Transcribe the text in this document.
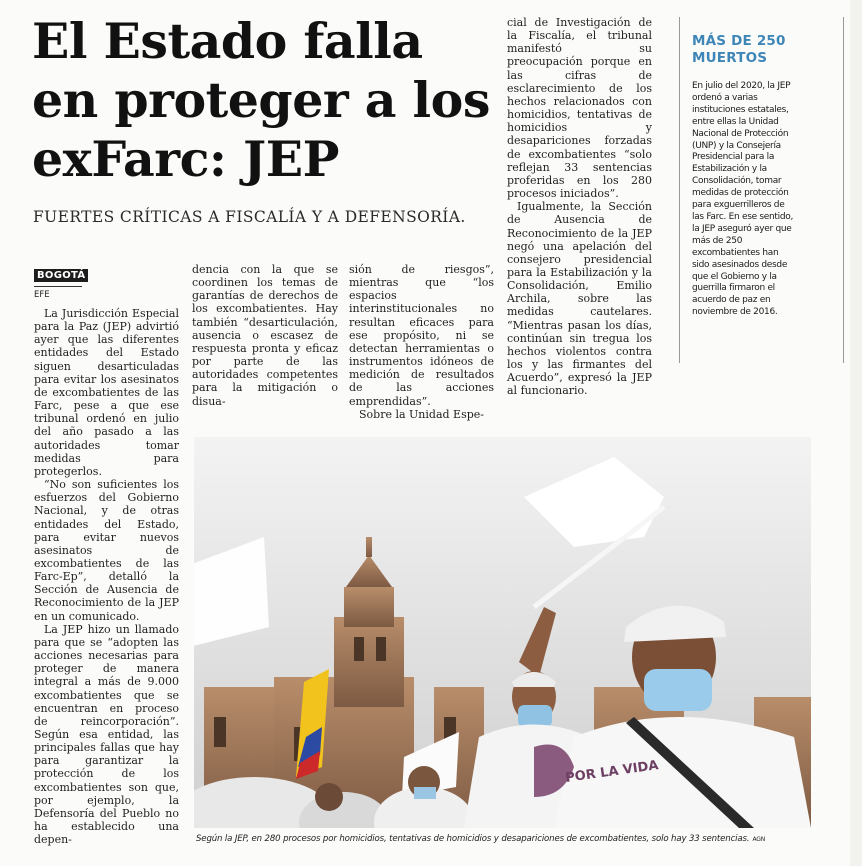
El Estado falla en proteger a los exFarc: JEP

FUERTES CRÍTICAS A FISCALÍA Y A DEFENSORÍA.

BOGOTÁ
EFE

La Jurisdicción Especial para la Paz (JEP) advirtió ayer que las diferentes entidades del Estado siguen desarticuladas para evitar los asesinatos de excombatientes de las Farc, pese a que ese tribunal ordenó en julio del año pasado a las autoridades tomar medidas para protegerlos.

“No son suficientes los esfuerzos del Gobierno Nacional, y de otras entidades del Estado, para evitar nuevos asesinatos de excombatientes de las Farc-Ep”, detalló la Sección de Ausencia de Reconocimiento de la JEP en un comunicado.

La JEP hizo un llamado para que se “adopten las acciones necesarias para proteger de manera integral a más de 9.000 excombatientes que se encuentran en proceso de reincorporación”. Según esa entidad, las principales fallas que hay para garantizar la protección de los excombatientes son que, por ejemplo, la Defensoría del Pueblo no ha establecido una depen-

dencia con la que se coordinen los temas de garantías de derechos de los excombatientes. Hay también “desarticulación, ausencia o escasez de respuesta pronta y eficaz por parte de las autoridades competentes para la mitigación o disua-

sión de riesgos”, mientras que “los espacios interinstitucionales no resultan eficaces para ese propósito, ni se detectan herramientas o instrumentos idóneos de medición de resultados de las acciones emprendidas”.

Sobre la Unidad Espe-

cial de Investigación de la Fiscalía, el tribunal manifestó su preocupación porque en las cifras de esclarecimiento de los hechos relacionados con homicidios, tentativas de homicidios y desapariciones forzadas de excombatientes “solo reflejan 33 sentencias proferidas en los 280 procesos iniciados”.

Igualmente, la Sección de Ausencia de Reconocimiento de la JEP negó una apelación del consejero presidencial para la Estabilización y la Consolidación, Emilio Archila, sobre las medidas cautelares. “Mientras pasan los días, continúan sin tregua los hechos violentos contra los y las firmantes del Acuerdo”, expresó la JEP al funcionario.

MÁS DE 250 MUERTOS

En julio del 2020, la JEP ordenó a varias instituciones estatales, entre ellas la Unidad Nacional de Protección (UNP) y la Consejería Presidencial para la Estabilización y la Consolidación, tomar medidas de protección para exguerrilleros de las Farc. En ese sentido, la JEP aseguró ayer que más de 250 excombatientes han sido asesinados desde que el Gobierno y la guerrilla firmaron el acuerdo de paz en noviembre de 2016.

POR LA VIDA

Según la JEP, en 280 procesos por homicidios, tentativas de homicidios y desapariciones de excombatientes, solo hay 33 sentencias. AGN
